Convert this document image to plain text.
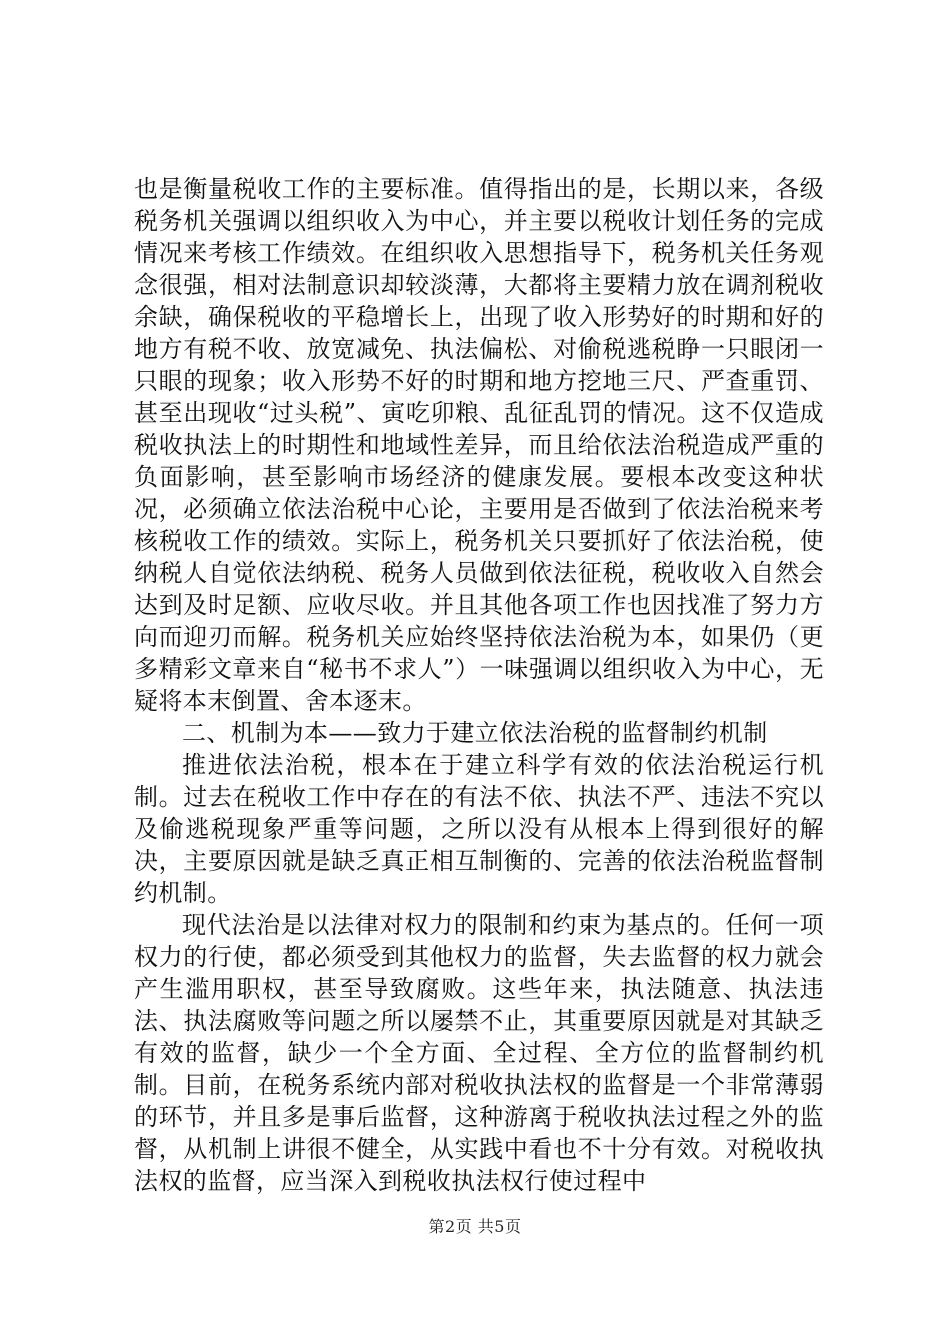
也是衡量税收工作的主要标准。值得指出的是，长期以来，各级税务机关强调以组织收入为中心，并主要以税收计划任务的完成情况来考核工作绩效。在组织收入思想指导下，税务机关任务观念很强，相对法制意识却较淡薄，大都将主要精力放在调剂税收余缺，确保税收的平稳增长上，出现了收入形势好的时期和好的地方有税不收、放宽减免、执法偏松、对偷税逃税睁一只眼闭一只眼的现象；收入形势不好的时期和地方挖地三尺、严查重罚、甚至出现收“过头税”、寅吃卯粮、乱征乱罚的情况。这不仅造成税收执法上的时期性和地域性差异，而且给依法治税造成严重的负面影响，甚至影响市场经济的健康发展。要根本改变这种状况，必须确立依法治税中心论，主要用是否做到了依法治税来考核税收工作的绩效。实际上，税务机关只要抓好了依法治税，使纳税人自觉依法纳税、税务人员做到依法征税，税收收入自然会达到及时足额、应收尽收。并且其他各项工作也因找准了努力方向而迎刃而解。税务机关应始终坚持依法治税为本，如果仍（更多精彩文章来自“秘书不求人”）一味强调以组织收入为中心，无疑将本末倒置、舍本逐末。

二、机制为本——致力于建立依法治税的监督制约机制

推进依法治税，根本在于建立科学有效的依法治税运行机制。过去在税收工作中存在的有法不依、执法不严、违法不究以及偷逃税现象严重等问题，之所以没有从根本上得到很好的解决，主要原因就是缺乏真正相互制衡的、完善的依法治税监督制约机制。

现代法治是以法律对权力的限制和约束为基点的。任何一项权力的行使，都必须受到其他权力的监督，失去监督的权力就会产生滥用职权，甚至导致腐败。这些年来，执法随意、执法违法、执法腐败等问题之所以屡禁不止，其重要原因就是对其缺乏有效的监督，缺少一个全方面、全过程、全方位的监督制约机制。目前，在税务系统内部对税收执法权的监督是一个非常薄弱的环节，并且多是事后监督，这种游离于税收执法过程之外的监督，从机制上讲很不健全，从实践中看也不十分有效。对税收执法权的监督，应当深入到税收执法权行使过程中

第2页 共5页
